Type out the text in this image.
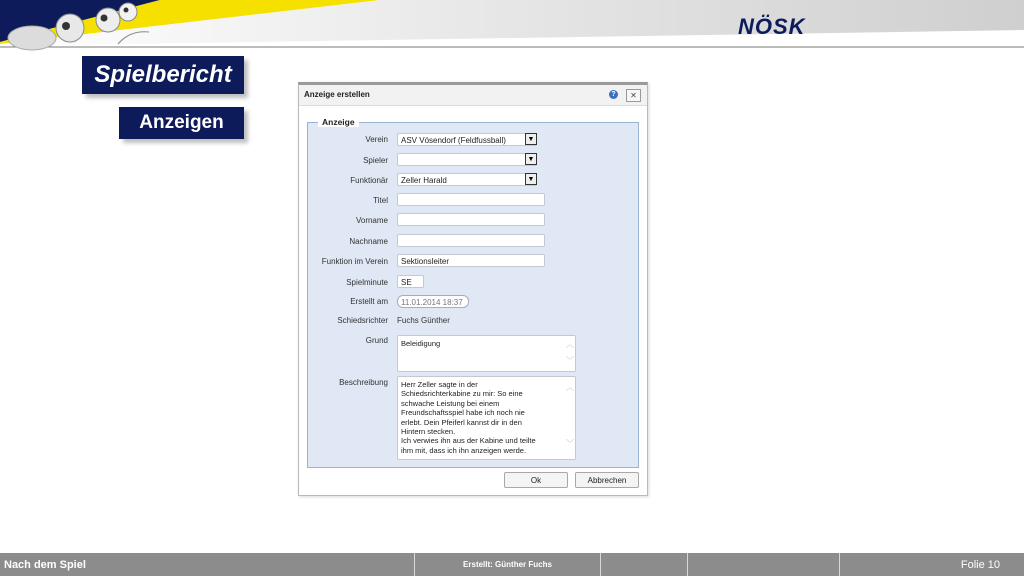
NÖSK
Spielbericht
Anzeigen
Anzeige erstellen	?	✕
Anzeige
Verein	ASV Vösendorf (Feldfussball)	▼
Spieler	▼
Funktionär	Zeller Harald	▼
Titel
Vorname
Nachname
Funktion im Verein	Sektionsleiter
Spielminute	SE
Erstellt am	11.01.2014 18:37
Schiedsrichter Fuchs Günther
Grund	Beleidigung	︿
﹀
Beschreibung	Herr Zeller sagte in der
Schiedsrichterkabine zu mir: So eine
schwache Leistung bei einem
Freundschaftsspiel habe ich noch nie
erlebt. Dein Pfeiferl kannst dir in den
Hintern stecken.
Ich verwies ihn aus der Kabine und teilte
ihm mit, dass ich ihn anzeigen werde.
︿
﹀
Ok	Abbrechen
Nach dem Spiel	Erstellt: Günther Fuchs	Folie 10
